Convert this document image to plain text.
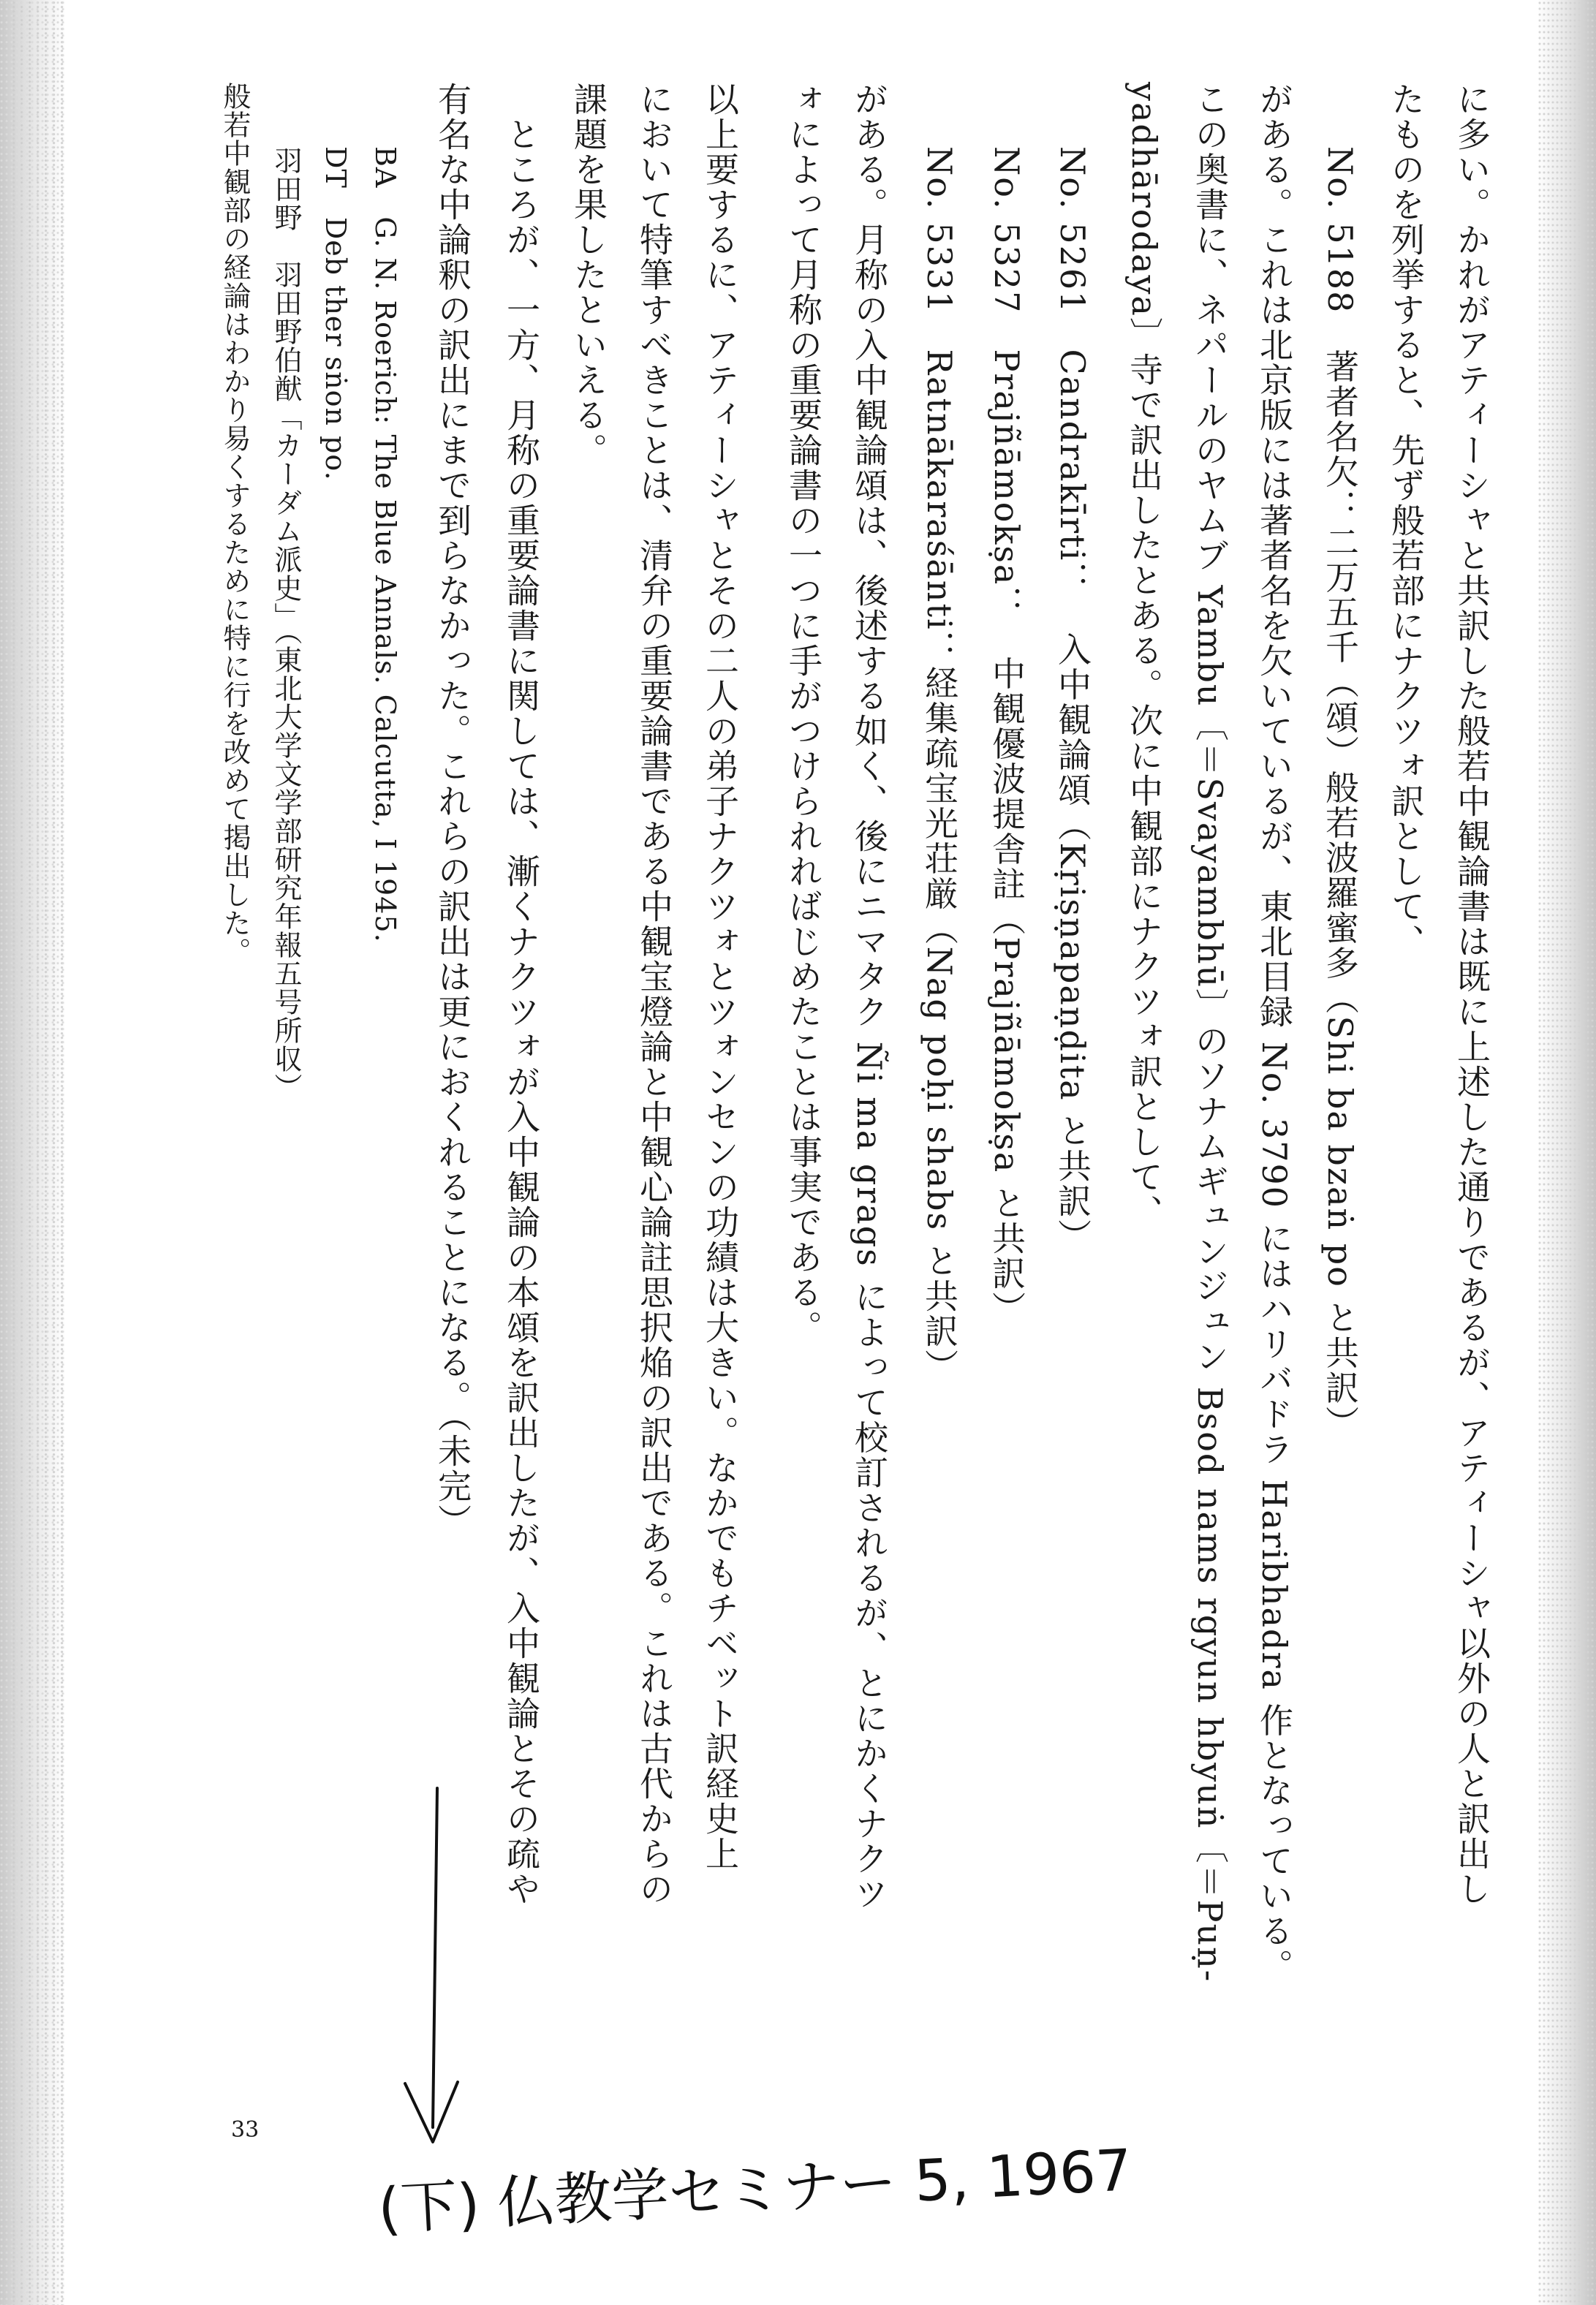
に多い。かれがアティーシャと共訳した般若中観論書は既に上述した通りであるが、アティーシャ以外の人と訳出し
たものを列挙すると、先ず般若部にナクツォ訳として、
No. 5188　著者名欠：二万五千（頌）般若波羅蜜多（Shi ba bzaṅ po と共訳）
がある。これは北京版には著者名を欠いているが、東北目録 No. 3790 にはハリバドラ Haribhadra 作となっている。
この奥書に、ネパールのヤムブ Yambu〔＝Svayambhū〕のソナムギュンジュン Bsod nams rgyun hbyuṅ〔＝Puṇ-
yadhārodaya〕寺で訳出したとある。次に中観部にナクツォ訳として、
No. 5261　Candrakīrti：　入中観論頌（Kṛiṣṇapaṇḍita と共訳）
No. 5327　Prajñāmokṣa：　中観優波提舎註（Prajñāmokṣa と共訳）
No. 5331　Ratnākaraśānti：経集疏宝光荘厳（Nag poḥi shabs と共訳）
がある。月称の入中観論頌は、後述する如く、後にニマタク Ñi ma grags によって校訂されるが、とにかくナクツ
ォによって月称の重要論書の一つに手がつけられればじめたことは事実である。
以上要するに、アティーシャとその二人の弟子ナクツォとツォンセンの功績は大きい。なかでもチベット訳経史上
において特筆すべきことは、清弁の重要論書である中観宝燈論と中観心論註思択焔の訳出である。これは古代からの
課題を果したといえる。
ところが、一方、月称の重要論書に関しては、漸くナクツォが入中観論の本頌を訳出したが、入中観論とその疏や
有名な中論釈の訳出にまで到らなかった。これらの訳出は更におくれることになる。（未完）
BA　G. N. Roerich: The Blue Annals. Calcutta, I 1945.
DT　Deb ther sṅon po.
羽田野　羽田野伯猷「カーダム派史」（東北大学文学部研究年報五号所収）
般若中観部の経論はわかり易くするために特に行を改めて掲出した。
33
(下) 仏教学セミナー 5, 1967
